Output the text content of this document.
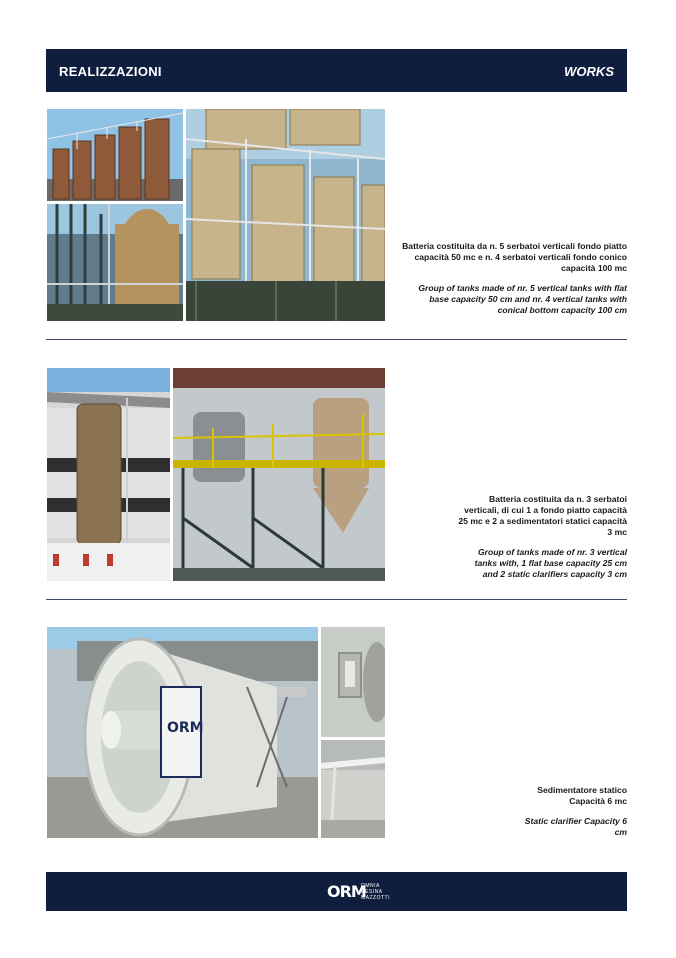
REALIZZAZIONI	WORKS
Batteria costituita da n. 5 serbatoi verticali fondo piatto capacità 50 mc e n. 4 serbatoi verticali fondo conico capacità 100 mc
Group of tanks made of nr. 5 vertical tanks with flat base capacity 50 cm and nr. 4 vertical tanks with conical bottom capacity 100 cm
Batteria costituita da n. 3 serbatoi verticali, di cui 1 a fondo piatto capacità 25 mc e 2 a sedimentatori statici capacità 3 mc
Group of tanks made of nr. 3 vertical tanks with, 1 flat base capacity 25 cm and 2 static clarifiers capacity 3 cm
ORM
Sedimentatore statico Capacità 6 mc
Static clarifier Capacity 6 cm
ORM
OMNIA
RESINA
MAZZOTTI
